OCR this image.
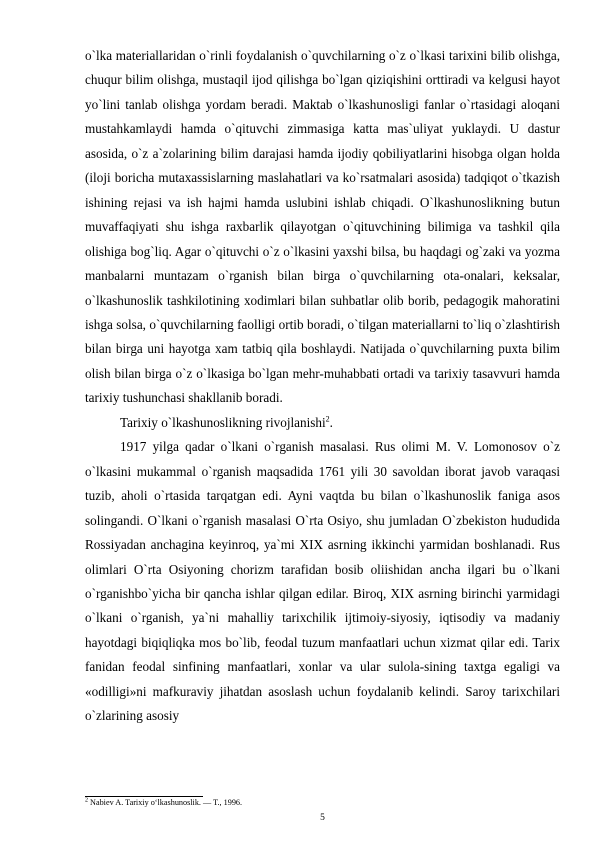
o`lka materiallaridan o`rinli foydalanish o`quvchilarning o`z o`lkasi tarixini bilib olishga, chuqur bilim olishga, mustaqil ijod qilishga bo`lgan qiziqishini orttiradi va kelgusi hayot yo`lini tanlab olishga yordam beradi. Maktab o`lkashunosligi fanlar o`rtasidagi aloqani mustahkamlaydi hamda o`qituvchi zimmasiga katta mas`uliyat yuklaydi. U dastur asosida, o`z a`zolarining bilim darajasi hamda ijodiy qobiliyatlarini hisobga olgan holda (iloji boricha mutaxassislarning maslahatlari va ko`rsatmalari asosida) tadqiqot o`tkazish ishining rejasi va ish hajmi hamda uslubini ishlab chiqadi. O`lkashunoslikning butun muvaffaqiyati shu ishga raxbarlik qilayotgan o`qituvchining bilimiga va tashkil qila olishiga bog`liq. Agar o`qituvchi o`z o`lkasini yaxshi bilsa, bu haqdagi og`zaki va yozma manbalarni muntazam o`rganish bilan birga o`quvchilarning ota-onalari, keksalar, o`lkashunoslik tashkilotining xodimlari bilan suhbatlar olib borib, pedagogik mahoratini ishga solsa, o`quvchilarning faolligi ortib boradi, o`tilgan materiallarni to`liq o`zlashtirish bilan birga uni hayotga xam tatbiq qila boshlaydi. Natijada o`quvchilarning puxta bilim olish bilan birga o`z o`lkasiga bo`lgan mehr-muhabbati ortadi va tarixiy tasavvuri hamda tarixiy tushunchasi shakllanib boradi.

Tarixiy o`lkashunoslikning rivojlanishi$^2$.

1917 yilga qadar o`lkani o`rganish masalasi. Rus olimi M. V. Lomonosov o`z o`lkasini mukammal o`rganish maqsadida 1761 yili 30 savoldan iborat javob varaqasi tuzib, aholi o`rtasida tarqatgan edi. Ayni vaqtda bu bilan o`lkashunoslik faniga asos solingandi. O`lkani o`rganish masalasi O`rta Osiyo, shu jumladan O`zbekiston hududida Rossiyadan anchagina keyinroq, ya`mi XIX asrning ikkinchi yarmidan boshlanadi. Rus olimlari O`rta Osiyoning chorizm tarafidan bosib oliishidan ancha ilgari bu o`lkani o`rganishbo`yicha bir qancha ishlar qilgan edilar. Biroq, XIX asrning birinchi yarmidagi o`lkani o`rganish, ya`ni mahalliy tarixchilik ijtimoiy-siyosiy, iqtisodiy va madaniy hayotdagi biqiqliqka mos bo`lib, feodal tuzum manfaatlari uchun xizmat qilar edi. Tarix fanidan feodal sinfining manfaatlari, xonlar va ular sulola-sining taxtga egaligi va «odilligi»ni mafkuraviy jihatdan asoslash uchun foydalanib kelindi. Saroy tarixchilari o`zlarining asosiy

$^2$ Nabiev A. Tarixiy o‘lkashunoslik. — T., 1996.

5
